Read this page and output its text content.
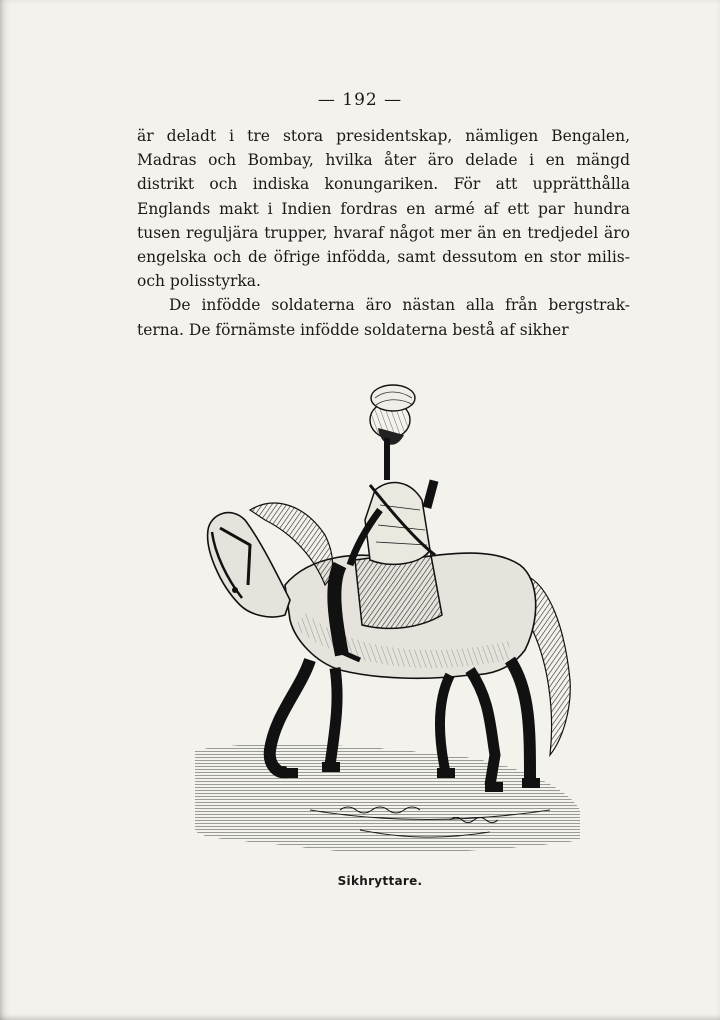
— 192 —

är deladt i tre stora presidentskap, nämligen Bengalen, Madras och Bombay, hvilka åter äro delade i en mängd distrikt och indiska konungariken. För att upprätthålla Englands makt i Indien fordras en armé af ett par hundra tusen reguljära trupper, hvaraf något mer än en tredjedel äro engelska och de öfrige infödda, samt dessutom en stor milis- och polisstyrka.

De infödde soldaterna äro nästan alla från bergstrak-terna. De förnämste infödde soldaterna bestå af sikher

Sikhryttare.
